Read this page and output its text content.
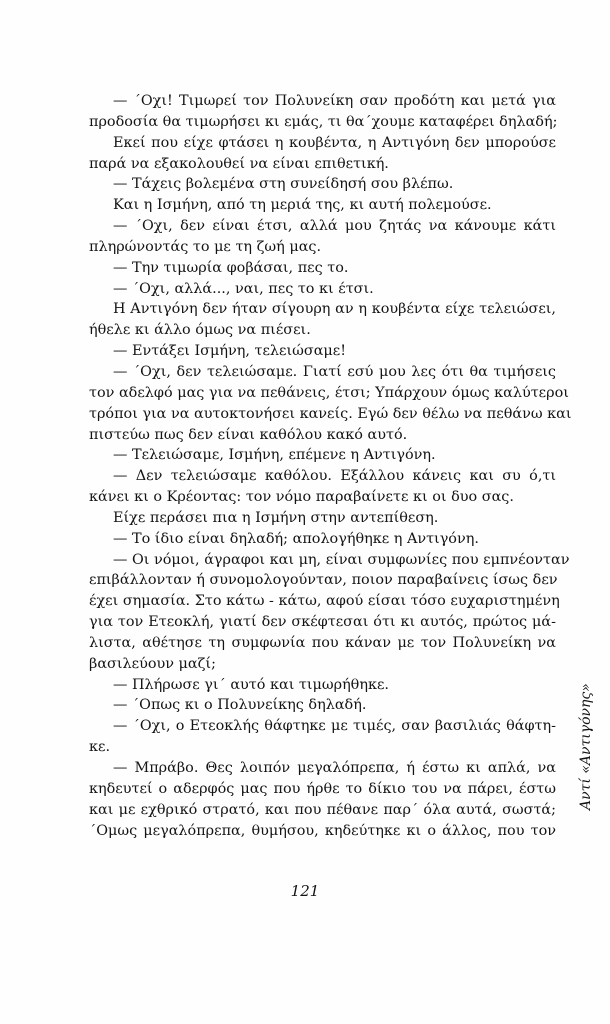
— ΄Οχι! Τιμωρεί τον Πολυνείκη σαν προδότη και μετά για
προδοσία θα τιμωρήσει κι εμάς, τι θα΄χουμε καταφέρει δηλαδή;
Εκεί που είχε φτάσει η κουβέντα, η Αντιγόνη δεν μπορούσε
παρά να εξακολουθεί να είναι επιθετική.
— Τάχεις βολεμένα στη συνείδησή σου βλέπω.
Και η Ισμήνη, από τη μεριά της, κι αυτή πολεμούσε.
— ΄Οχι, δεν είναι έτσι, αλλά μου ζητάς να κάνουμε κάτι
πληρώνοντάς το με τη ζωή μας.
— Την τιμωρία φοβάσαι, πες το.
— ΄Οχι, αλλά..., ναι, πες το κι έτσι.
Η Αντιγόνη δεν ήταν σίγουρη αν η κουβέντα είχε τελειώσει,
ήθελε κι άλλο όμως να πιέσει.
— Εντάξει Ισμήνη, τελειώσαμε!
— ΄Οχι, δεν τελειώσαμε. Γιατί εσύ μου λες ότι θα τιμήσεις
τον αδελφό μας για να πεθάνεις, έτσι; Υπάρχουν όμως καλύτεροι
τρόποι για να αυτοκτονήσει κανείς. Εγώ δεν θέλω να πεθάνω και
πιστεύω πως δεν είναι καθόλου κακό αυτό.
— Τελειώσαμε, Ισμήνη, επέμενε η Αντιγόνη.
— Δεν τελειώσαμε καθόλου. Εξάλλου κάνεις και συ ό,τι
κάνει κι ο Κρέοντας: τον νόμο παραβαίνετε κι οι δυο σας.
Είχε περάσει πια η Ισμήνη στην αντεπίθεση.
— Το ίδιο είναι δηλαδή; απολογήθηκε η Αντιγόνη.
— Οι νόμοι, άγραφοι και μη, είναι συμφωνίες που εμπνέονταν
επιβάλλονταν ή συνομολογούνταν, ποιον παραβαίνεις ίσως δεν
έχει σημασία. Στο κάτω - κάτω, αφού είσαι τόσο ευχαριστημένη
για τον Ετεοκλή, γιατί δεν σκέφτεσαι ότι κι αυτός, πρώτος μά-
λιστα, αθέτησε τη συμφωνία που κάναν με τον Πολυνείκη να
βασιλεύουν μαζί;
— Πλήρωσε γι΄ αυτό και τιμωρήθηκε.
— ΄Οπως κι ο Πολυνείκης δηλαδή.
— ΄Οχι, ο Ετεοκλής θάφτηκε με τιμές, σαν βασιλιάς θάφτη-
κε.
— Μπράβο. Θες λοιπόν μεγαλόπρεπα, ή έστω κι απλά, να
κηδευτεί ο αδερφός μας που ήρθε το δίκιο του να πάρει, έστω
και με εχθρικό στρατό, και που πέθανε παρ΄ όλα αυτά, σωστά;
΄Ομως μεγαλόπρεπα, θυμήσου, κηδεύτηκε κι ο άλλος, που τον
121
Αντί «Αντιγόνης»
